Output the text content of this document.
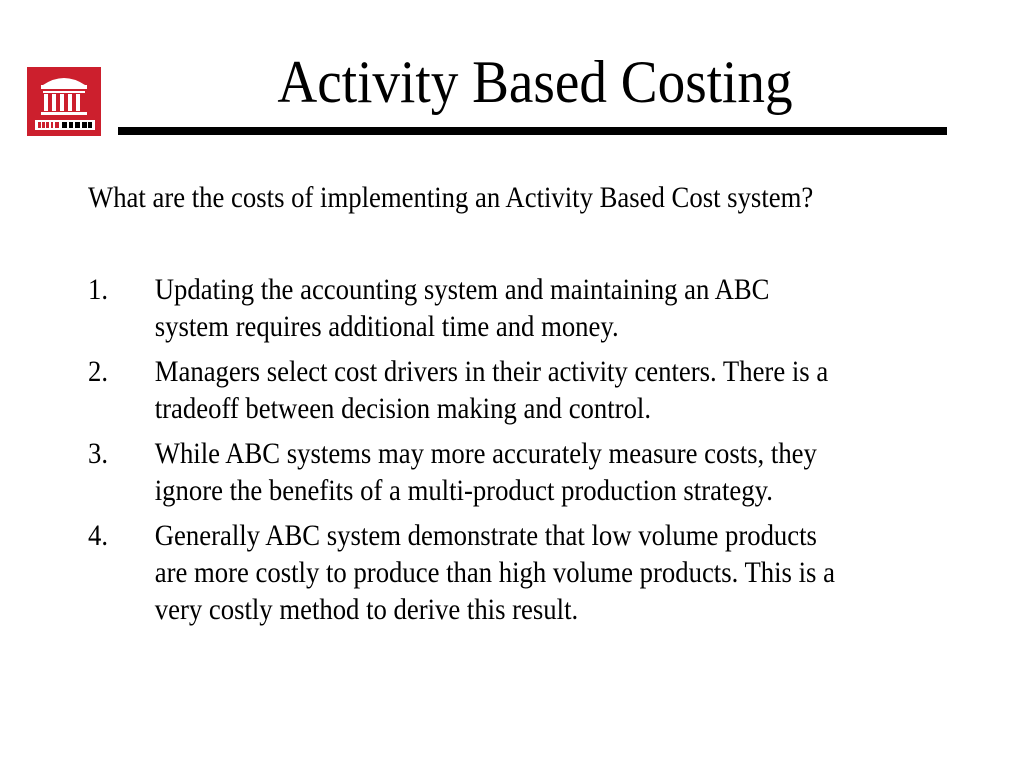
Activity Based Costing

What are the costs of implementing an Activity Based Cost system?

1.	Updating the accounting system and maintaining an ABC
system requires additional time and money.
2.	Managers select cost drivers in their activity centers. There is a
tradeoff between decision making and control.
3.	While ABC systems may more accurately measure costs, they
ignore the benefits of a multi-product production strategy.
4.	Generally ABC system demonstrate that low volume products
are more costly to produce than high volume products. This is a
very costly method to derive this result.
